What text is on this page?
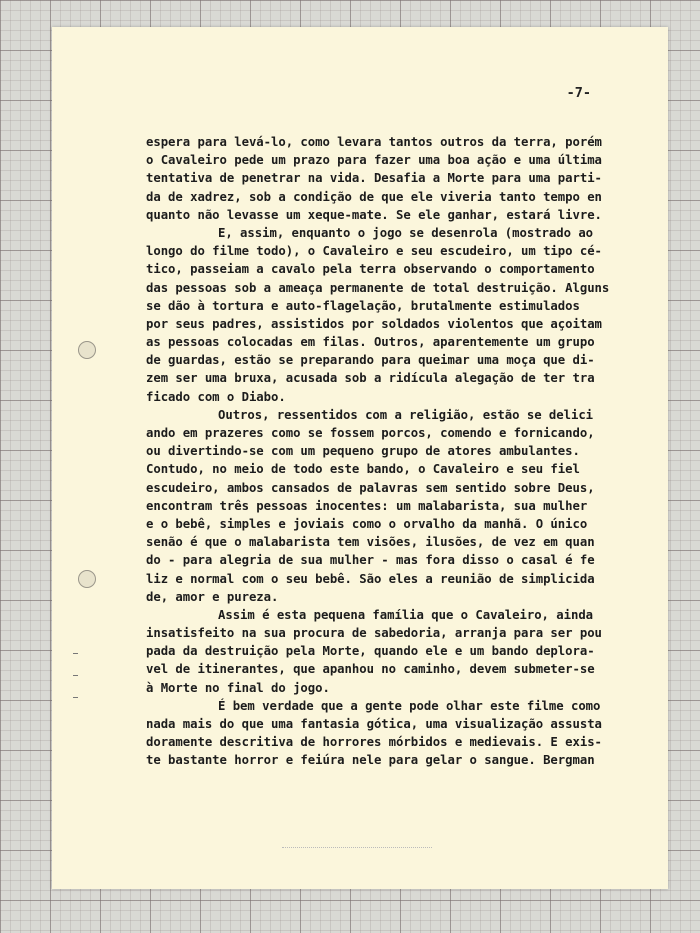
-7-
espera para levá-lo, como levara tantos outros da terra, porém
o Cavaleiro pede um prazo para fazer uma boa ação e uma última
tentativa de penetrar na vida. Desafia a Morte para uma parti-
da de xadrez, sob a condição de que ele viveria tanto tempo en
quanto não levasse um xeque-mate. Se ele ganhar, estará livre.
E, assim, enquanto o jogo se desenrola (mostrado ao
longo do filme todo), o Cavaleiro e seu escudeiro, um tipo cé-
tico, passeiam a cavalo pela terra observando o comportamento
das pessoas sob a ameaça permanente de total destruição. Alguns
se dão à tortura e auto-flagelação, brutalmente estimulados
por seus padres, assistidos por soldados violentos que açoitam
as pessoas colocadas em filas. Outros, aparentemente um grupo
de guardas, estão se preparando para queimar uma moça que di-
zem ser uma bruxa, acusada sob a ridícula alegação de ter tra
ficado com o Diabo.
Outros, ressentidos com a religião, estão se delici
ando em prazeres como se fossem porcos, comendo e fornicando,
ou divertindo-se com um pequeno grupo de atores ambulantes.
Contudo, no meio de todo este bando, o Cavaleiro e seu fiel
escudeiro, ambos cansados de palavras sem sentido sobre Deus,
encontram três pessoas inocentes: um malabarista, sua mulher
e o bebê, simples e joviais como o orvalho da manhã. O único
senão é que o malabarista tem visões, ilusões, de vez em quan
do - para alegria de sua mulher - mas fora disso o casal é fe
liz e normal com o seu bebê. São eles a reunião de simplicida
de, amor e pureza.
Assim é esta pequena família que o Cavaleiro, ainda
insatisfeito na sua procura de sabedoria, arranja para ser pou
pada da destruição pela Morte, quando ele e um bando deplora-
vel de itinerantes, que apanhou no caminho, devem submeter-se
à Morte no final do jogo.
É bem verdade que a gente pode olhar este filme como
nada mais do que uma fantasia gótica, uma visualização assusta
doramente descritiva de horrores mórbidos e medievais. E exis-
te bastante horror e feiúra nele para gelar o sangue. Bergman
